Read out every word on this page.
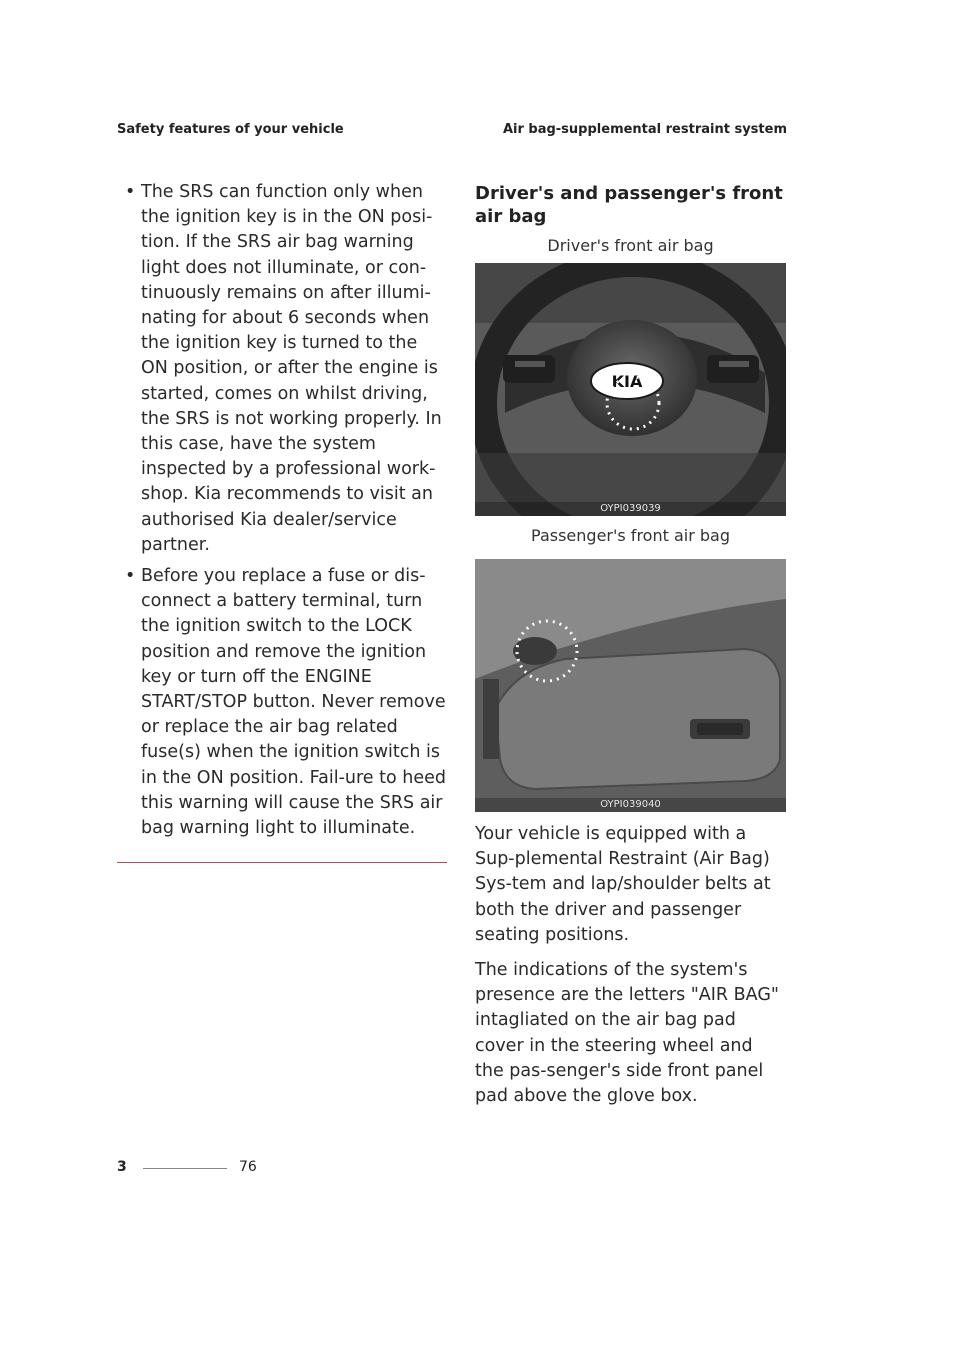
Safety features of your vehicle	Air bag-supplemental restraint system
• The SRS can function only when the ignition key is in the ON posi-tion. If the SRS air bag warning light does not illuminate, or con-tinuously remains on after illumi-nating for about 6 seconds when the ignition key is turned to the ON position, or after the engine is started, comes on whilst driving, the SRS is not working properly. In this case, have the system inspected by a professional work-shop. Kia recommends to visit an authorised Kia dealer/service partner.
• Before you replace a fuse or dis-connect a battery terminal, turn the ignition switch to the LOCK position and remove the ignition key or turn off the ENGINE START/STOP button. Never remove or replace the air bag related fuse(s) when the ignition switch is in the ON position. Fail-ure to heed this warning will cause the SRS air bag warning light to illuminate.
Driver's and passenger's front air bag
Driver's front air bag
KIA
OYPI039039
Passenger's front air bag
OYPI039040
Your vehicle is equipped with a Sup-plemental Restraint (Air Bag) Sys-tem and lap/shoulder belts at both the driver and passenger seating positions.
The indications of the system's presence are the letters "AIR BAG" intagliated on the air bag pad cover in the steering wheel and the pas-senger's side front panel pad above the glove box.
3	76
